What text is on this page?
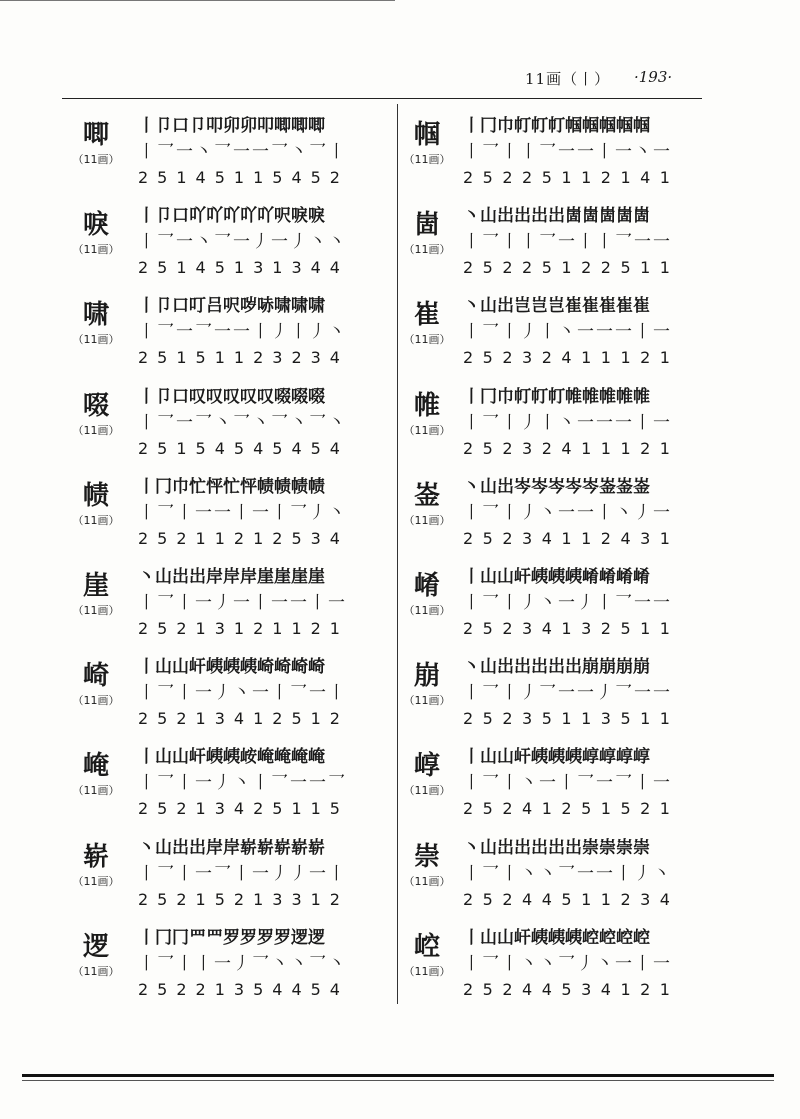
11画（丨） ·193·
唧
（11画）
丨卩口卩叩卯卯叩唧唧唧
丨乛一丶乛一一乛丶乛丨
25145115452
唳
（11画）
丨卩口吖吖吖吖吖呎唳唳
丨乛一丶乛一丿一丿丶丶
25145131344
啸
（11画）
丨卩口叮吕呎哕哧啸啸啸
丨乛一乛一一丨丿丨丿丶
25151123234
啜
（11画）
丨卩口叹叹叹叹叹啜啜啜
丨乛一乛丶乛丶乛丶乛丶
25154545454
帻
（11画）
丨冂巾忙怦忙怦帻帻帻帻
丨乛丨一一丨一丨乛丿丶
25211212534
崖
（11画）
丶山岀岀岸岸岸崖崖崖崖
丨乛丨一丿一丨一一丨一
25213121121
崎
（11画）
丨山山屽峓峓峓崎崎崎崎
丨乛丨一丿丶一丨乛一丨
25213412512
崦
（11画）
丨山山屽峓峓峖崦崦崦崦
丨乛丨一丿丶丨乛一一乛
25213425115
崭
（11画）
丶山岀岀岸岸崭崭崭崭崭
丨乛丨一乛丨一丿丿一丨
25215213312
逻
（11画）
丨冂冂罒罒罗罗罗罗逻逻
丨乛丨丨一丿乛丶丶乛丶
25221354454
帼
（11画）
丨冂巾帄帄帄帼帼帼帼帼
丨乛丨丨乛一一丨一丶一
25225112141
崮
（11画）
丶山岀岀岀岀崮崮崮崮崮
丨乛丨丨乛一丨丨乛一一
25225122511
崔
（11画）
丶山岀岂岂岂崔崔崔崔崔
丨乛丨丿丨丶一一一丨一
25232411121
帷
（11画）
丨冂巾帄帄帄帷帷帷帷帷
丨乛丨丿丨丶一一一丨一
25232411121
崟
（11画）
丶山岀岑岑岑岑岑崟崟崟
丨乛丨丿丶一一丨丶丿一
25234112431
崤
（11画）
丨山山屽峓峓峓崤崤崤崤
丨乛丨丿丶一丿丨乛一一
25234132511
崩
（11画）
丶山岀岀岀岀岀崩崩崩崩
丨乛丨丿乛一一丿乛一一
25235113511
崞
（11画）
丨山山屽峓峓峓崞崞崞崞
丨乛丨丶一丨乛一乛丨一
25241251521
崇
（11画）
丶山岀岀岀岀岀崇崇崇崇
丨乛丨丶丶乛一一丨丿丶
25244511234
崆
（11画）
丨山山屽峓峓峓崆崆崆崆
丨乛丨丶丶乛丿丶一丨一
25244534121
